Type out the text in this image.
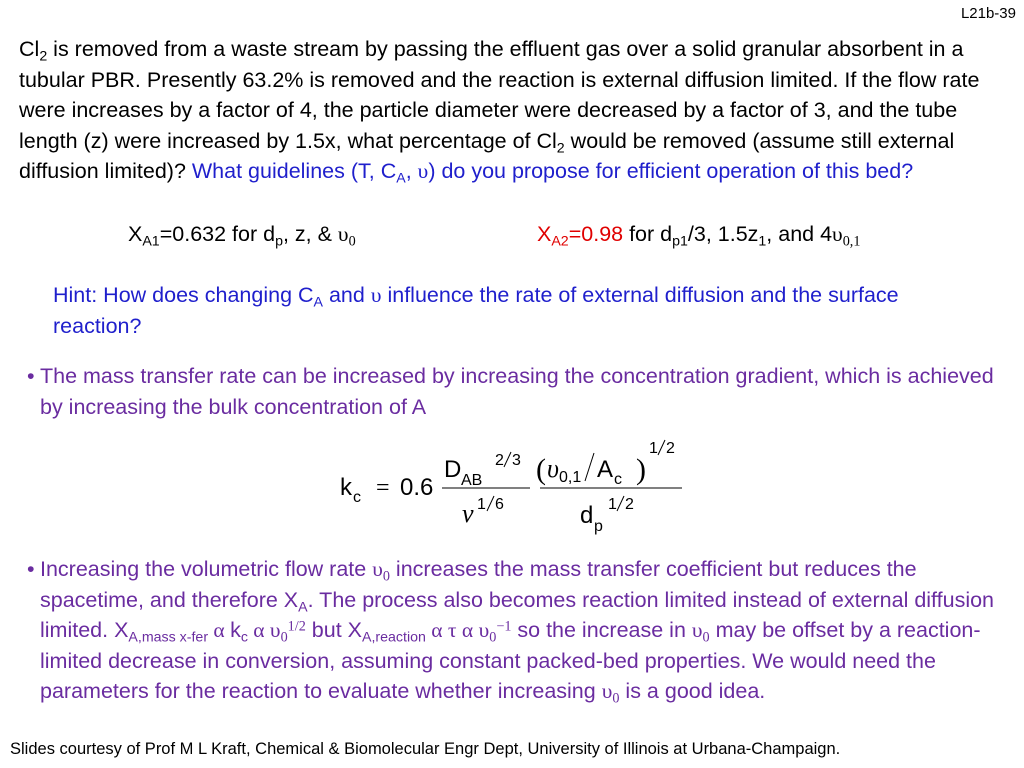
L21b-39
$Cl_2$ is removed from a waste stream by passing the effluent gas over a solid granular absorbent in a tubular PBR. Presently 63.2% is removed and the reaction is external diffusion limited. If the flow rate were increases by a factor of 4, the particle diameter were decreased by a factor of 3, and the tube length (z) were increased by 1.5x, what percentage of $Cl_2$ would be removed (assume still external diffusion limited)? What guidelines (T, $C_A$, υ) do you propose for efficient operation of this bed?
$X_{A1}=0.632$ for $d_p$, z, & $\upsilon_0$	$X_{A2}=0.98$ for $d_{p1}/3$, $1.5z_1$, and $4\upsilon_{0,1}$
Hint: How does changing $C_A$ and υ influence the rate of external diffusion and the surface reaction?
• The mass transfer rate can be increased by increasing the concentration gradient, which is achieved by increasing the bulk concentration of A
k c = 0.6
D AB
2 3
ν 1 6
( υ 0,1 A c )
1 2
d p
1 2
• Increasing the volumetric flow rate $\upsilon_0$ increases the mass transfer coefficient but reduces the spacetime, and therefore $X_A$. The process also becomes reaction limited instead of external diffusion limited. $X_{A,mass x-fer}$ α $k_c$ α $\upsilon_0^{1/2}$ but $X_{A,reaction}$ α τ α $\upsilon_0^{-1}$ so the increase in $\upsilon_0$ may be offset by a reaction-limited decrease in conversion, assuming constant packed-bed properties. We would need the parameters for the reaction to evaluate whether increasing $\upsilon_0$ is a good idea.
Slides courtesy of Prof M L Kraft, Chemical & Biomolecular Engr Dept, University of Illinois at Urbana-Champaign.
